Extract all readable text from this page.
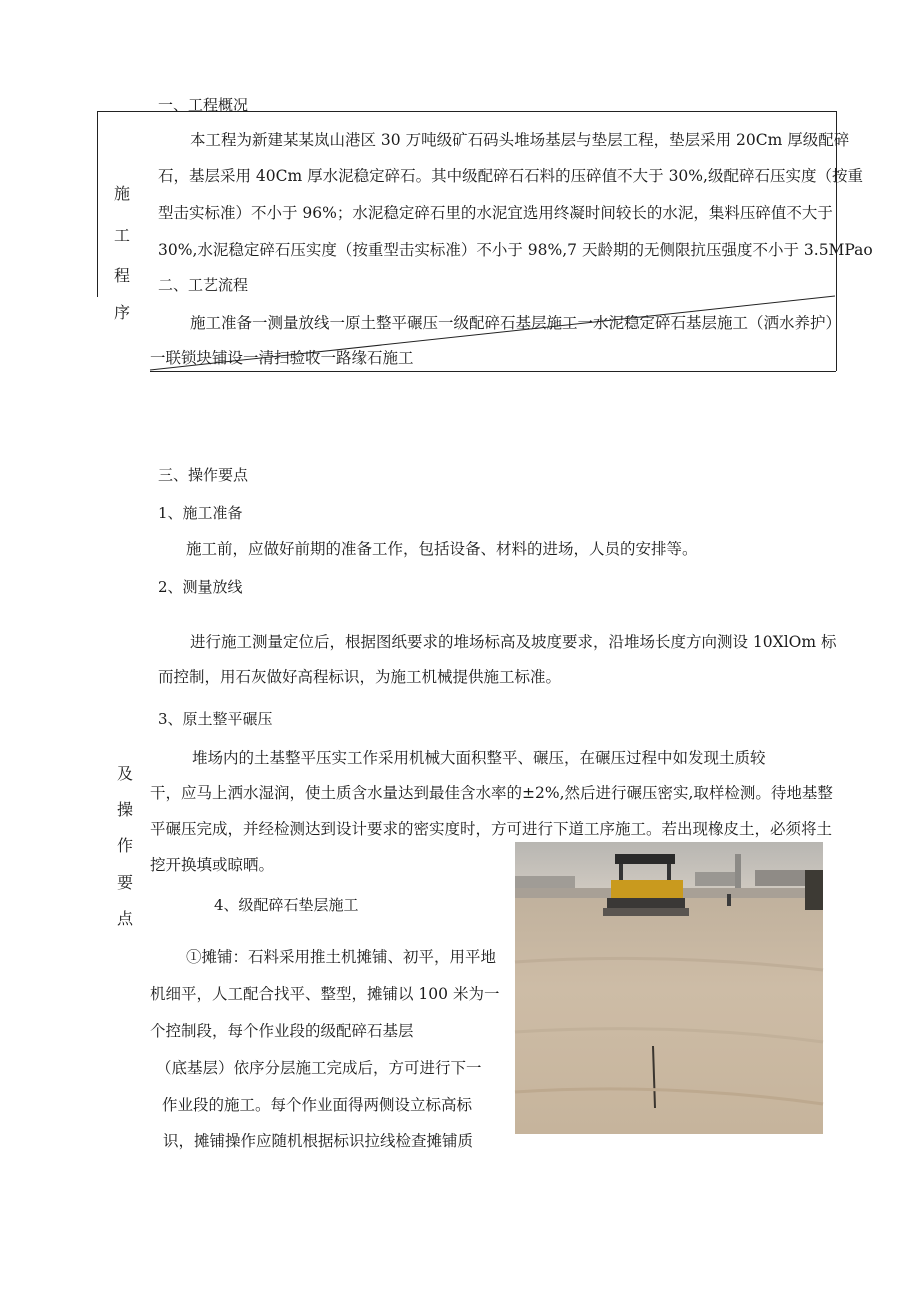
一、工程概况
本工程为新建某某岚山港区 30 万吨级矿石码头堆场基层与垫层工程，垫层采用 20Cm 厚级配碎
石，基层采用 40Cm 厚水泥稳定碎石。其中级配碎石石料的压碎值不大于 30%,级配碎石压实度（按重
型击实标准）不小于 96%；水泥稳定碎石里的水泥宜选用终凝时间较长的水泥，集料压碎值不大于
30%,水泥稳定碎石压实度（按重型击实标准）不小于 98%,7 天龄期的无侧限抗压强度不小于 3.5MPao
施
工
程
序
二、工艺流程
施工准备一测量放线一原土整平碾压一级配碎石基层施工一水泥稳定碎石基层施工（洒水养护）
一联锁块铺设一清扫验收一路缘石施工
三、操作要点
1、施工准备
施工前，应做好前期的准备工作，包括设备、材料的进场，人员的安排等。
2、测量放线
进行施工测量定位后，根据图纸要求的堆场标高及坡度要求，沿堆场长度方向测设 10XlOm 标
而控制，用石灰做好高程标识，为施工机械提供施工标准。
3、原土整平碾压
堆场内的土基整平压实工作采用机械大面积整平、碾压，在碾压过程中如发现土质较
干，应马上洒水湿润，使土质含水量达到最佳含水率的±2%,然后进行碾压密实,取样检测。待地基整
平碾压完成，并经检测达到设计要求的密实度时，方可进行下道工序施工。若出现橡皮土，必须将土
挖开换填或晾晒。
及
操
作
要
点
4、级配碎石垫层施工
①摊铺：石料采用推土机摊铺、初平，用平地
机细平，人工配合找平、整型，摊铺以 100 米为一
个控制段，每个作业段的级配碎石基层
（底基层）依序分层施工完成后，方可进行下一
作业段的施工。每个作业面得两侧设立标高标
识，摊铺操作应随机根据标识拉线检查摊铺质
